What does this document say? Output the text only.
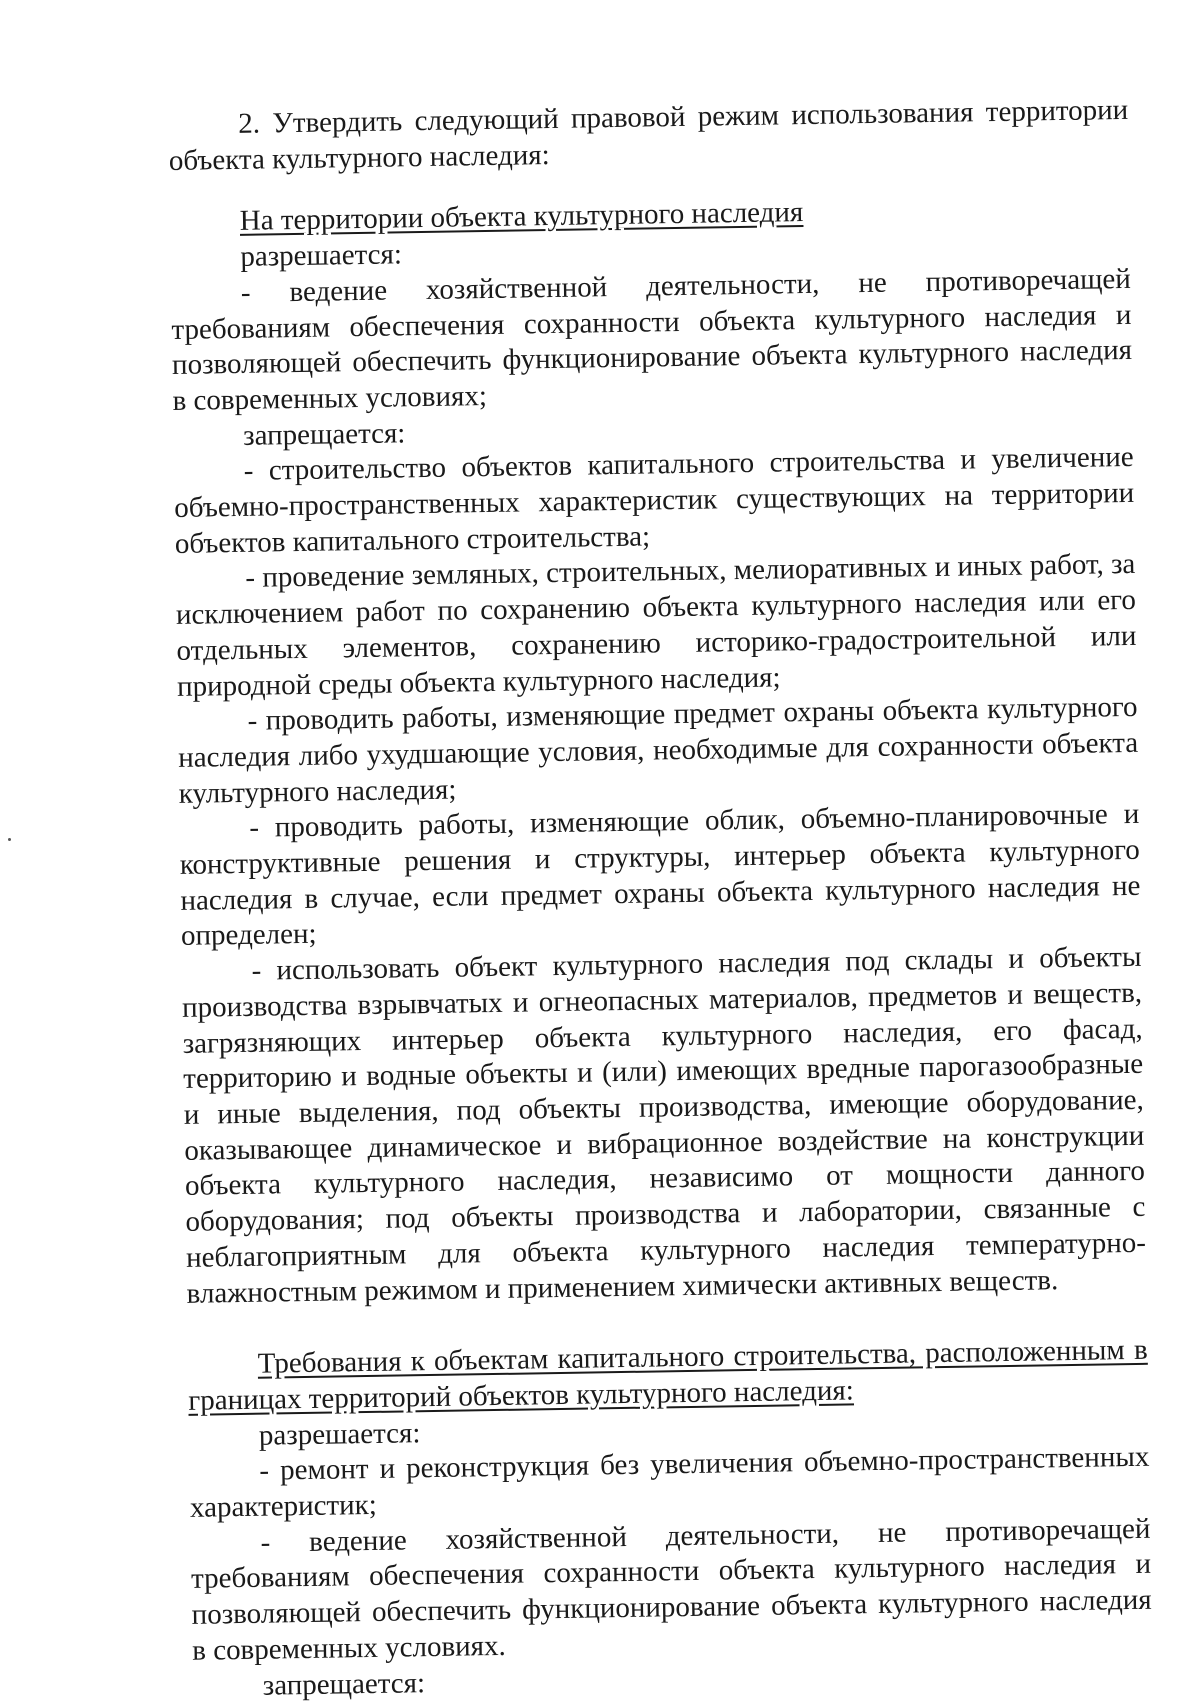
2. Утвердить следующий правовой режим использования территории объекта культурного наследия:

На территории объекта культурного наследия

разрешается:

- ведение хозяйственной деятельности, не противоречащей требованиям обеспечения сохранности объекта культурного наследия и позволяющей обеспечить функционирование объекта культурного наследия в современных условиях;

запрещается:

- строительство объектов капитального строительства и увеличение объемно-пространственных характеристик существующих на территории объектов капитального строительства;

- проведение земляных, строительных, мелиоративных и иных работ, за исключением работ по сохранению объекта культурного наследия или его отдельных элементов, сохранению историко-градостроительной или природной среды объекта культурного наследия;

- проводить работы, изменяющие предмет охраны объекта культурного наследия либо ухудшающие условия, необходимые для сохранности объекта культурного наследия;

- проводить работы, изменяющие облик, объемно-планировочные и конструктивные решения и структуры, интерьер объекта культурного наследия в случае, если предмет охраны объекта культурного наследия не определен;

- использовать объект культурного наследия под склады и объекты производства взрывчатых и огнеопасных материалов, предметов и веществ, загрязняющих интерьер объекта культурного наследия, его фасад, территорию и водные объекты и (или) имеющих вредные парогазообразные и иные выделения, под объекты производства, имеющие оборудование, оказывающее динамическое и вибрационное воздействие на конструкции объекта культурного наследия, независимо от мощности данного оборудования; под объекты производства и лаборатории, связанные с неблагоприятным для объекта культурного наследия температурно-влажностным режимом и применением химически активных веществ.

Требования к объектам капитального строительства, расположенным в границах территорий объектов культурного наследия:

разрешается:

- ремонт и реконструкция без увеличения объемно-пространственных характеристик;

- ведение хозяйственной деятельности, не противоречащей требованиям обеспечения сохранности объекта культурного наследия и позволяющей обеспечить функционирование объекта культурного наследия в современных условиях.

запрещается:
